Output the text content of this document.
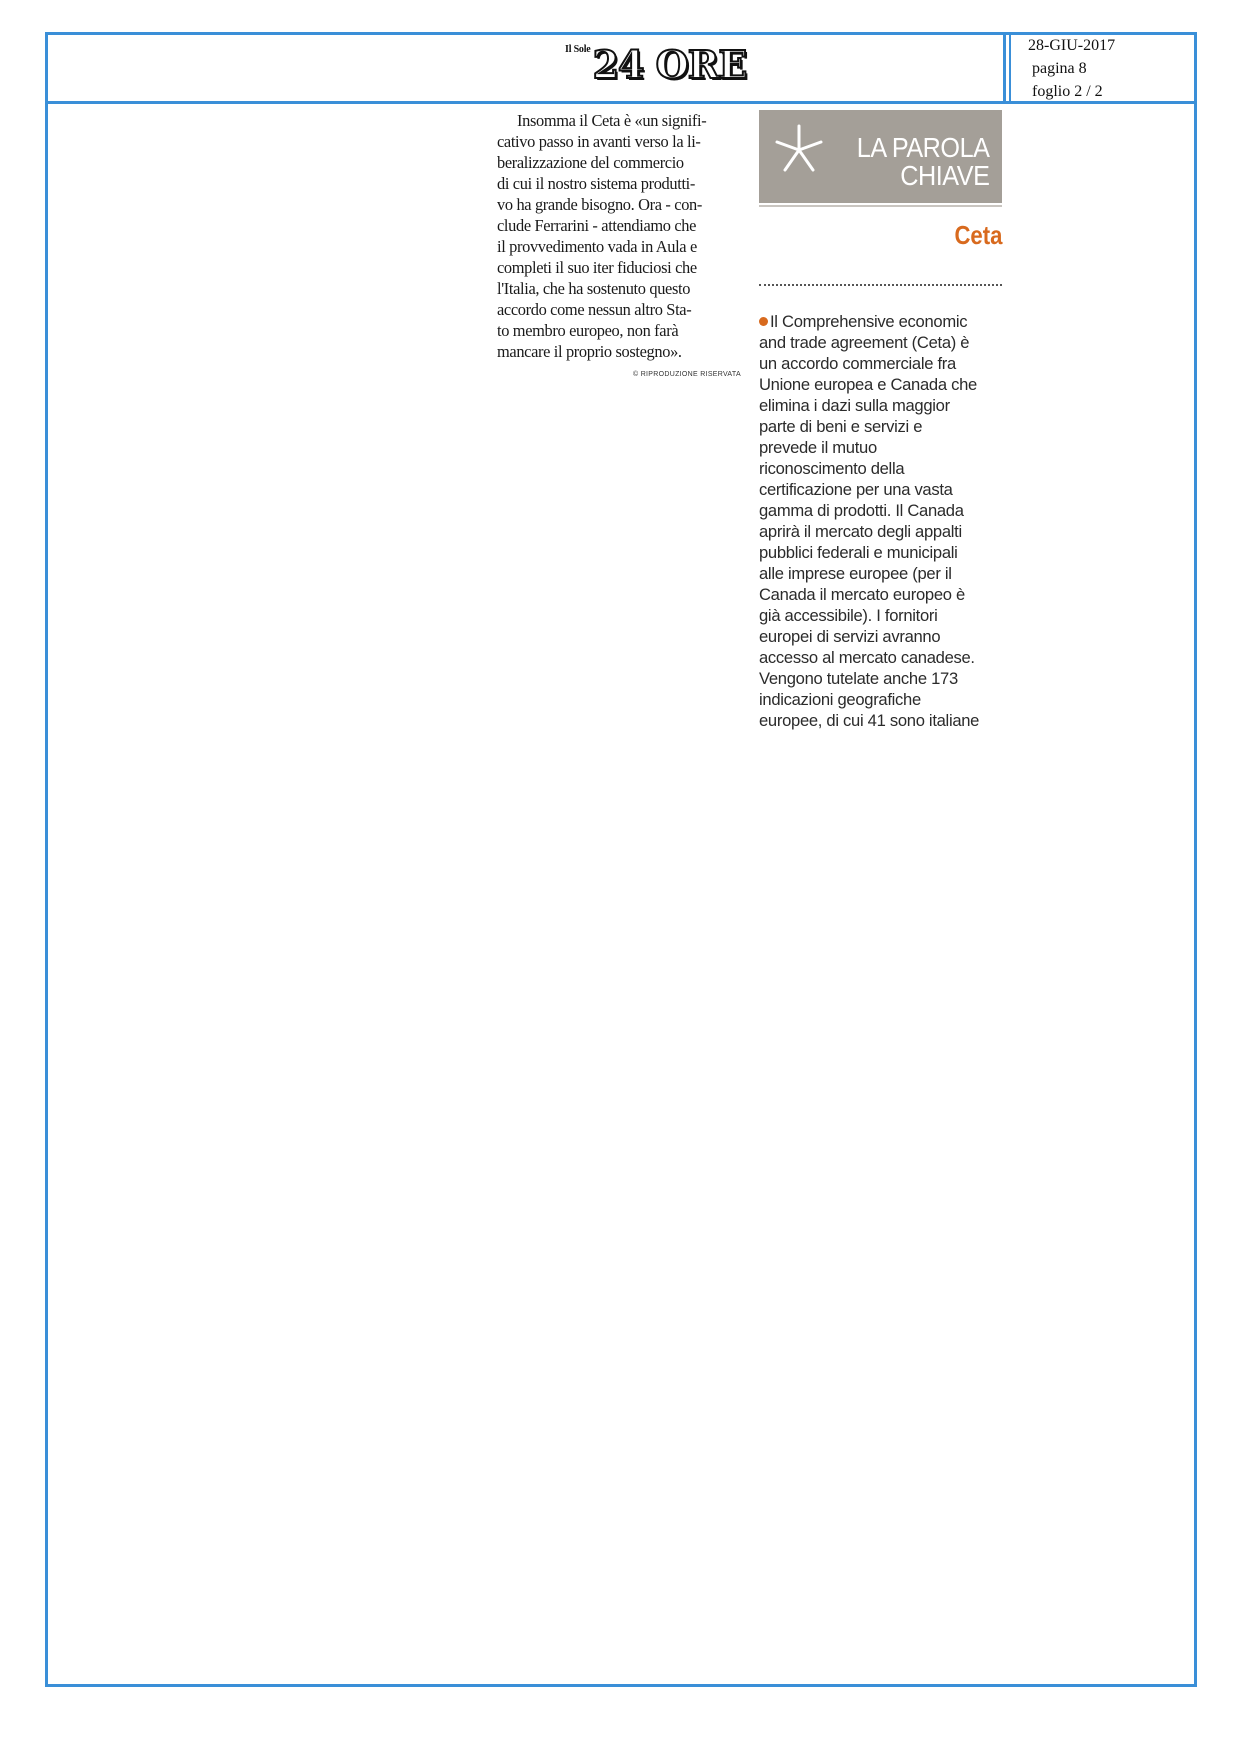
Il Sole 24 ORE	28-GIU-2017
pagina 8
foglio 2 / 2
Insomma il Ceta è «un signifi-
cativo passo in avanti verso la li-
beralizzazione del commercio
di cui il nostro sistema produtti-
vo ha grande bisogno. Ora - con-
clude Ferrarini - attendiamo che
il provvedimento vada in Aula e
completi il suo iter fiduciosi che
l'Italia, che ha sostenuto questo
accordo come nessun altro Sta-
to membro europeo, non farà
mancare il proprio sostegno».
© RIPRODUZIONE RISERVATA
LA PAROLA
CHIAVE
Ceta
Il Comprehensive economic
and trade agreement (Ceta) è
un accordo commerciale fra
Unione europea e Canada che
elimina i dazi sulla maggior
parte di beni e servizi e
prevede il mutuo
riconoscimento della
certificazione per una vasta
gamma di prodotti. Il Canada
aprirà il mercato degli appalti
pubblici federali e municipali
alle imprese europee (per il
Canada il mercato europeo è
già accessibile). I fornitori
europei di servizi avranno
accesso al mercato canadese.
Vengono tutelate anche 173
indicazioni geografiche
europee, di cui 41 sono italiane
